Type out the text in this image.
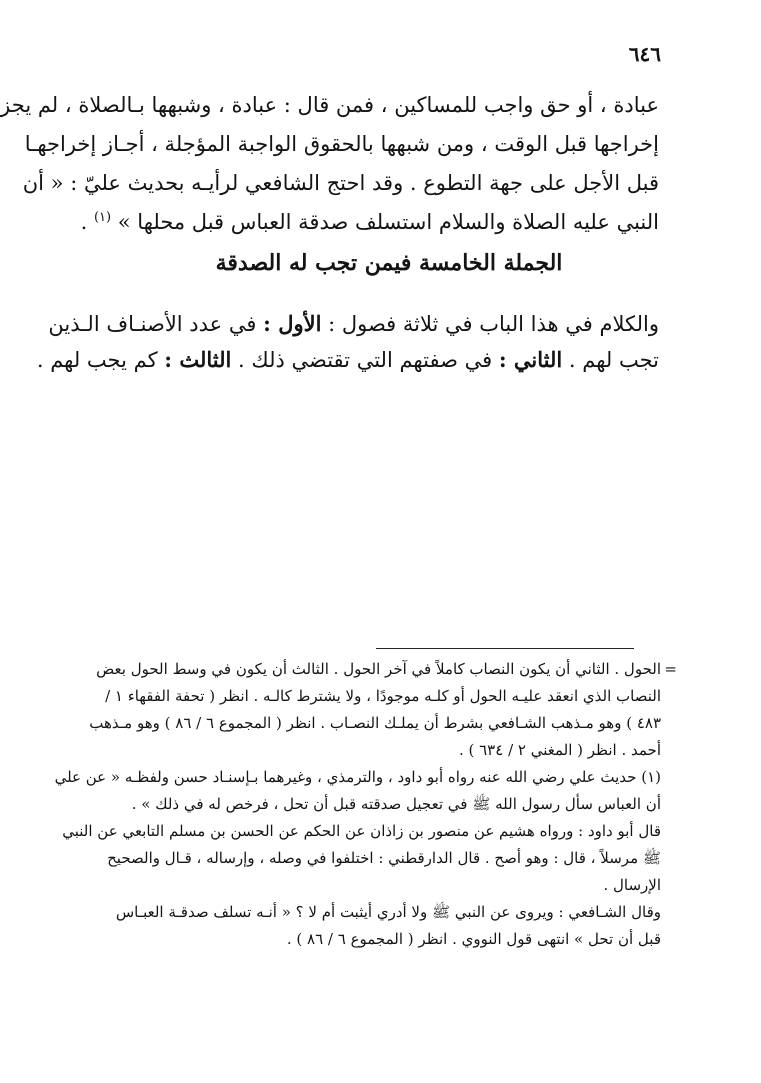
٦٤٦
عبادة ، أو حق واجب للمساكين ، فمن قال : عبادة ، وشبهها بـالصلاة ، لم يجز
إخراجها قبل الوقت ، ومن شبهها بالحقوق الواجبة المؤجلة ، أجـاز إخراجهـا
قبل الأجل على جهة التطوع . وقد احتج الشافعي لرأيـه بحديث عليّ : « أن
النبي عليه الصلاة والسلام استسلف صدقة العباس قبل محلها » $^{(١)}$ .
الجملة الخامسة فيمن تجب له الصدقة
والكلام في هذا الباب في ثلاثة فصول : الأول : في عدد الأصنـاف الـذين
تجب لهم . الثاني : في صفتهم التي تقتضي ذلك . الثالث : كم يجب لهم .
=
الحول . الثاني أن يكون النصاب كاملاً في آخر الحول . الثالث أن يكون في وسط الحول بعض
النصاب الذي انعقد عليـه الحول أو كلـه موجودًا ، ولا يشترط كالـه . انظر ( تحفة الفقهاء ١ /
٤٨٣ ) وهو مـذهب الشـافعي بشرط أن يملـك النصـاب . انظر ( المجموع ٦ / ٨٦ ) وهو مـذهب
أحمد . انظر ( المغني ٢ / ٦٣٤ ) .
(١) حديث علي رضي الله عنه رواه أبو داود ، والترمذي ، وغيرهما بـإسنـاد حسن ولفظـه « عن علي
أن العباس سأل رسول الله ﷺ في تعجيل صدقته قبل أن تحل ، فرخص له في ذلك » .
قال أبو داود : ورواه هشيم عن منصور بن زاذان عن الحكم عن الحسن بن مسلم التابعي عن النبي
ﷺ مرسلاً ، قال : وهو أصح . قال الدارقطني : اختلفوا في وصله ، وإرساله ، قـال والصحيح
الإرسال .
وقال الشـافعي : ويروى عن النبي ﷺ ولا أدري أيثبت أم لا ؟ « أنـه تسلف صدقـة العبـاس
قبل أن تحل » انتهى قول النووي . انظر ( المجموع ٦ / ٨٦ ) .
